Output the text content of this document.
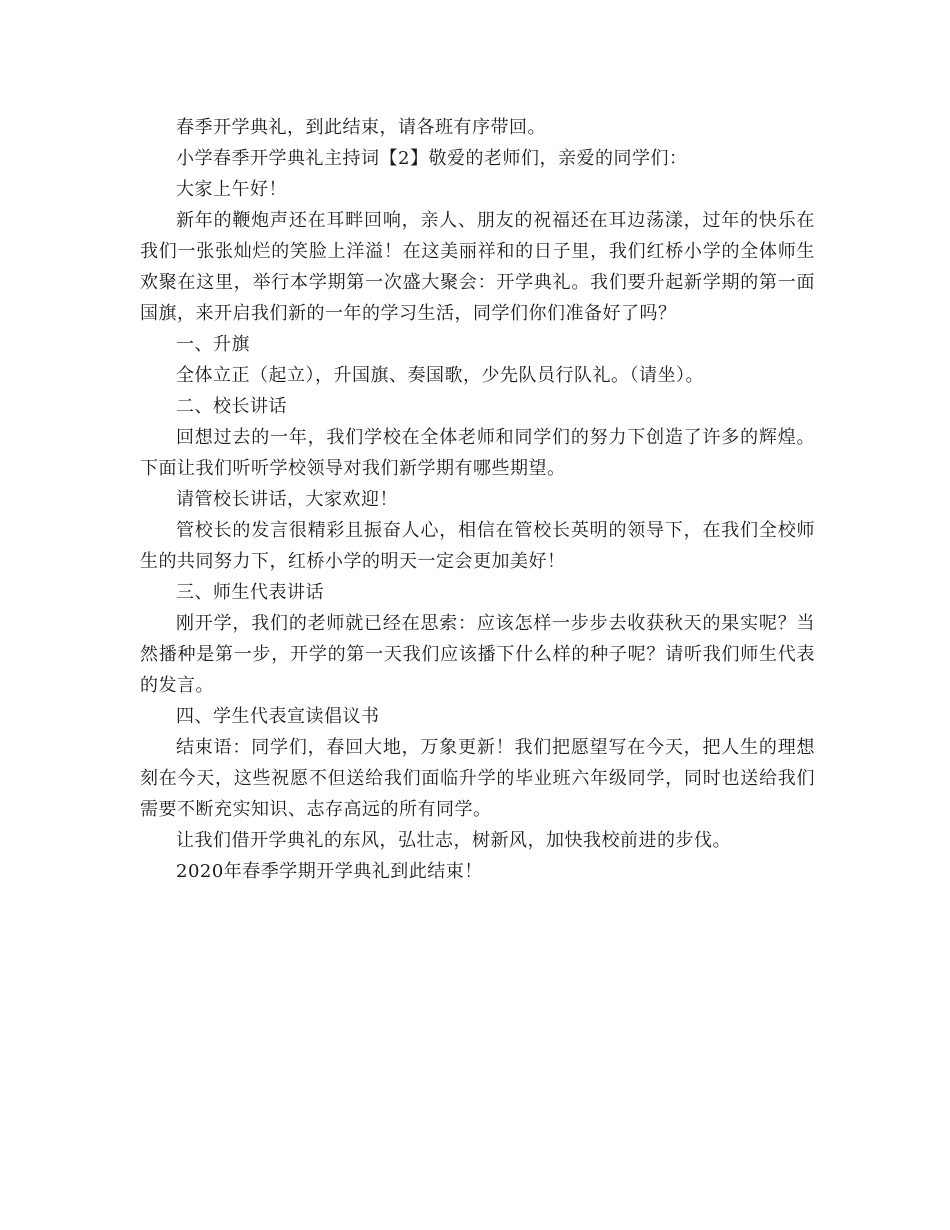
春季开学典礼，到此结束，请各班有序带回。

小学春季开学典礼主持词【2】敬爱的老师们，亲爱的同学们：

大家上午好！

新年的鞭炮声还在耳畔回响，亲人、朋友的祝福还在耳边荡漾，过年的快乐在我们一张张灿烂的笑脸上洋溢！在这美丽祥和的日子里，我们红桥小学的全体师生欢聚在这里，举行本学期第一次盛大聚会：开学典礼。我们要升起新学期的第一面国旗，来开启我们新的一年的学习生活，同学们你们准备好了吗？

一、升旗

全体立正（起立），升国旗、奏国歌，少先队员行队礼。（请坐）。

二、校长讲话

回想过去的一年，我们学校在全体老师和同学们的努力下创造了许多的辉煌。下面让我们听听学校领导对我们新学期有哪些期望。

请管校长讲话，大家欢迎！

管校长的发言很精彩且振奋人心，相信在管校长英明的领导下，在我们全校师生的共同努力下，红桥小学的明天一定会更加美好！

三、师生代表讲话

刚开学，我们的老师就已经在思索：应该怎样一步步去收获秋天的果实呢？当然播种是第一步，开学的第一天我们应该播下什么样的种子呢？请听我们师生代表的发言。

四、学生代表宣读倡议书

结束语：同学们，春回大地，万象更新！我们把愿望写在今天，把人生的理想刻在今天，这些祝愿不但送给我们面临升学的毕业班六年级同学，同时也送给我们需要不断充实知识、志存高远的所有同学。

让我们借开学典礼的东风，弘壮志，树新风，加快我校前进的步伐。

2020年春季学期开学典礼到此结束！
